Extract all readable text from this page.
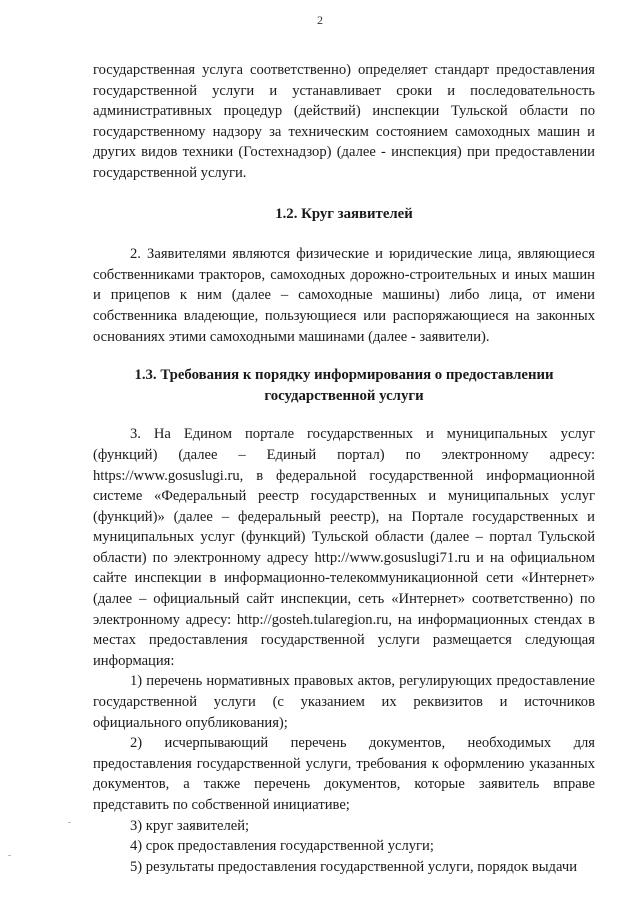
2

государственная услуга соответственно) определяет стандарт предоставления государственной услуги и устанавливает сроки и последовательность административных процедур (действий) инспекции Тульской области по государственному надзору за техническим состоянием самоходных машин и других видов техники (Гостехнадзор) (далее - инспекция) при предоставлении государственной услуги.

1.2. Круг заявителей

2. Заявителями являются физические и юридические лица, являющиеся собственниками тракторов, самоходных дорожно-строительных и иных машин и прицепов к ним (далее – самоходные машины) либо лица, от имени собственника владеющие, пользующиеся или распоряжающиеся на законных основаниях этими самоходными машинами (далее - заявители).

1.3. Требования к порядку информирования о предоставлении
государственной услуги

3. На Едином портале государственных и муниципальных услуг (функций) (далее – Единый портал) по электронному адресу: https://www.gosuslugi.ru, в федеральной государственной информационной системе «Федеральный реестр государственных и муниципальных услуг (функций)» (далее – федеральный реестр), на Портале государственных и муниципальных услуг (функций) Тульской области (далее – портал Тульской области) по электронному адресу http://www.gosuslugi71.ru и на официальном сайте инспекции в информационно-телекоммуникационной сети «Интернет» (далее – официальный сайт инспекции, сеть «Интернет» соответственно) по электронному адресу: http://gosteh.tularegion.ru, на информационных стендах в местах предоставления государственной услуги размещается следующая информация:

1) перечень нормативных правовых актов, регулирующих предоставление государственной услуги (с указанием их реквизитов и источников официального опубликования);

2) исчерпывающий перечень документов, необходимых для предоставления государственной услуги, требования к оформлению указанных документов, а также перечень документов, которые заявитель вправе представить по собственной инициативе;

3) круг заявителей;

4) срок предоставления государственной услуги;

5) результаты предоставления государственной услуги, порядок выдачи
